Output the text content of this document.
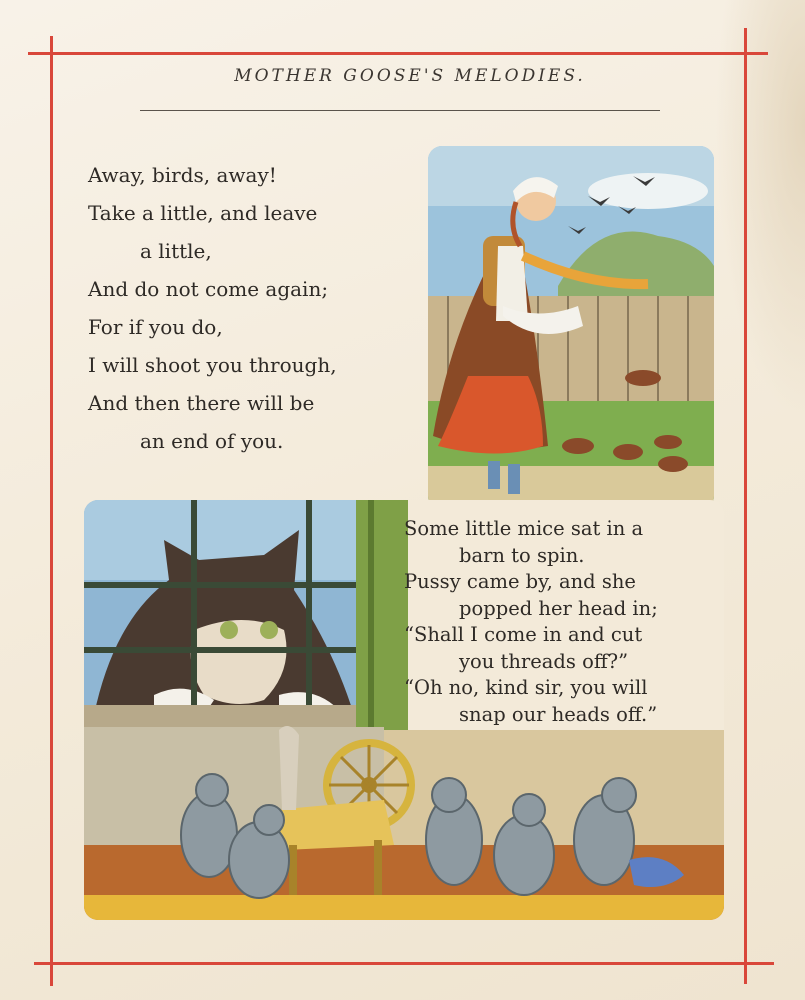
MOTHER GOOSE'S MELODIES.
Away, birds, away!
Take a little, and leave
a little,
And do not come again;
For if you do,
I will shoot you through,
And then there will be
an end of you.
Some little mice sat in a
barn to spin.
Pussy came by, and she
popped her head in;
“Shall I come in and cut
you threads off?”
“Oh no, kind sir, you will
snap our heads off.”
